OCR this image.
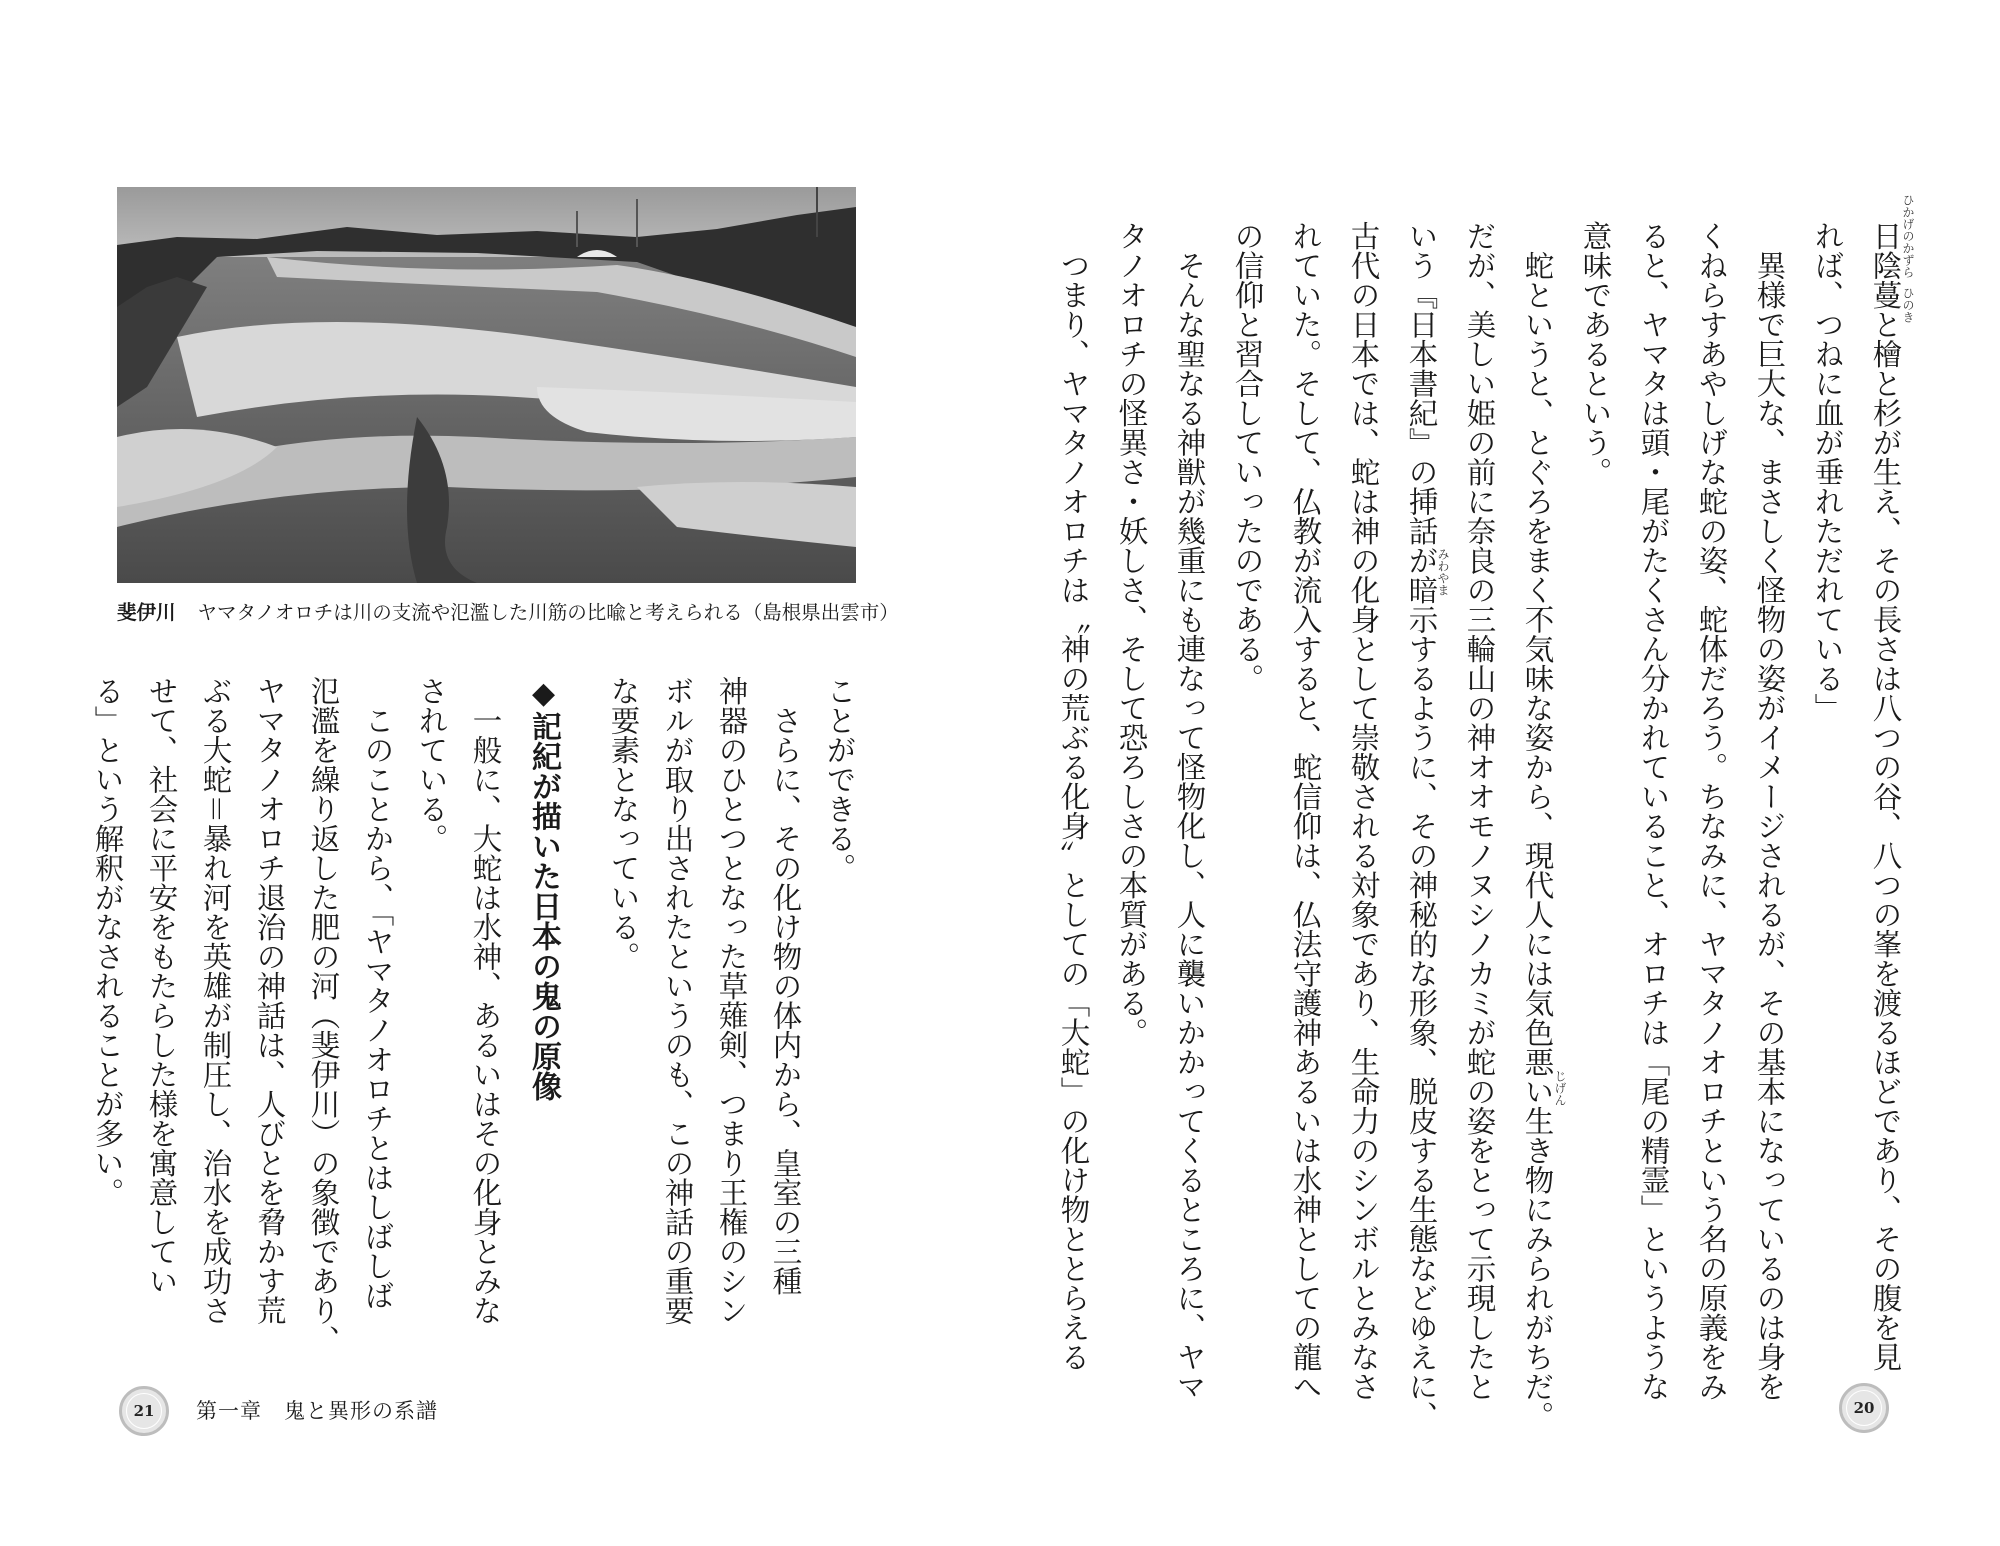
日陰蔓と檜と杉が生え、その長さは八つの谷、八つの峯を渡るほどであり、その腹を見

れば、つねに血が垂れただれている」

　異様で巨大な、まさしく怪物の姿がイメージされるが、その基本になっているのは身を

くねらすあやしげな蛇の姿、蛇体だろう。ちなみに、ヤマタノオロチという名の原義をみ

ると、ヤマタは頭・尾がたくさん分かれていること、オロチは「尾の精霊」というような

意味であるという。

　蛇というと、とぐろをまく不気味な姿から、現代人には気色悪い生き物にみられがちだ。

だが、美しい姫の前に奈良の三輪山の神オオモノヌシノカミが蛇の姿をとって示現したと

いう『日本書紀』の挿話が暗示するように、その神秘的な形象、脱皮する生態などゆえに、

古代の日本では、蛇は神の化身として崇敬される対象であり、生命力のシンボルとみなさ

れていた。そして、仏教が流入すると、蛇信仰は、仏法守護神あるいは水神としての龍へ

の信仰と習合していったのである。

　そんな聖なる神獣が幾重にも連なって怪物化し、人に襲いかかってくるところに、ヤマ

タノオロチの怪異さ・妖しさ、そして恐ろしさの本質がある。

　つまり、ヤマタノオロチは〝神の荒ぶる化身〟としての「大蛇」の化け物ととらえる	ひかげのかずら
ひのき
みわやま
じげん
20
斐伊川 ヤマタノオロチは川の支流や氾濫した川筋の比喩と考えられる（島根県出雲市）

ことができる。

　さらに、その化け物の体内から、皇室の三種

神器のひとつとなった草薙剣、つまり王権のシン

ボルが取り出されたというのも、この神話の重要

な要素となっている。

◆記紀が描いた日本の鬼の原像

　一般に、大蛇は水神、あるいはその化身とみな

されている。

　このことから、「ヤマタノオロチとはしばしば

氾濫を繰り返した肥の河（斐伊川）の象徴であり、

ヤマタノオロチ退治の神話は、人びとを脅かす荒

ぶる大蛇＝暴れ河を英雄が制圧し、治水を成功さ

せて、社会に平安をもたらした様を寓意してい

る」という解釈がなされることが多い。

21	第一章　鬼と異形の系譜
